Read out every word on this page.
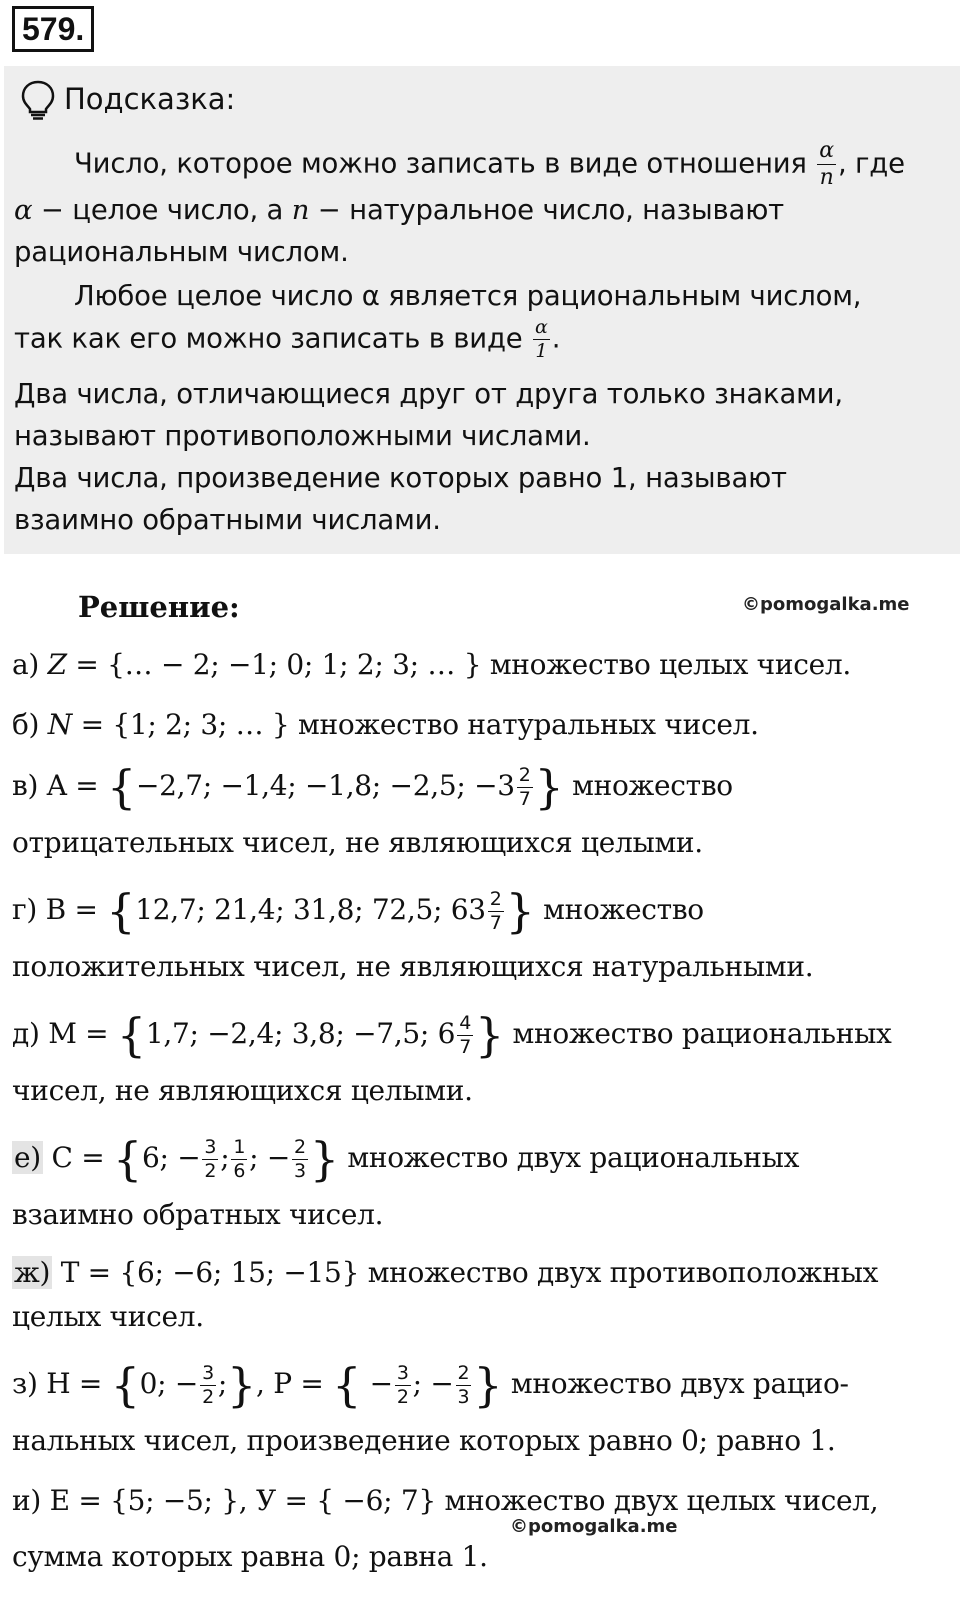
579.
Подсказка:
Число, которое можно записать в виде отношения $\frac{\alpha}{n}$ , где
α − целое число, а n − натуральное число, называют
рациональным числом.
Любое целое число α является рациональным числом,
так как его можно записать в виде $\frac{\alpha}{1}$ .
Два числа, отличающиеся друг от друга только знаками,
называют противоположными числами.
Два числа, произведение которых равно 1, называют
взаимно обратными числами.
Решение:	©pomogalka.me
а) Z = {… − 2; −1; 0; 1; 2; 3; … } множество целых чисел.
б) N = {1; 2; 3; … } множество натуральных чисел.
в) A = {−2,7; −1,4; −1,8; −2,5; $-3 \frac{2}{7}$ } множество
отрицательных чисел, не являющихся целыми.
г) B = {12,7; 21,4; 31,8; 72,5; $63 \frac{2}{7}$ } множество
положительных чисел, не являющихся натуральными.
д) M = {1,7; −2,4; 3,8; −7,5; $6 \frac{4}{7}$ } множество рациональных
чисел, не являющихся целыми.
е) C = {6; − $\frac{3}{2}$ ; $\frac{1}{6}$ ; − $\frac{2}{3}$ } множество двух рациональных
взаимно обратных чисел.
ж) T = {6; −6; 15; −15} множество двух противоположных
целых чисел.
з) H = {0; − $\frac{3}{2}$ ;}, P = { − $\frac{3}{2}$ ; − $\frac{2}{3}$ } множество двух рацио-
нальных чисел, произведение которых равно 0; равно 1.
и) E = {5; −5; }, У = { −6; 7} множество двух целых чисел,
©pomogalka.me
сумма которых равна 0; равна 1.
